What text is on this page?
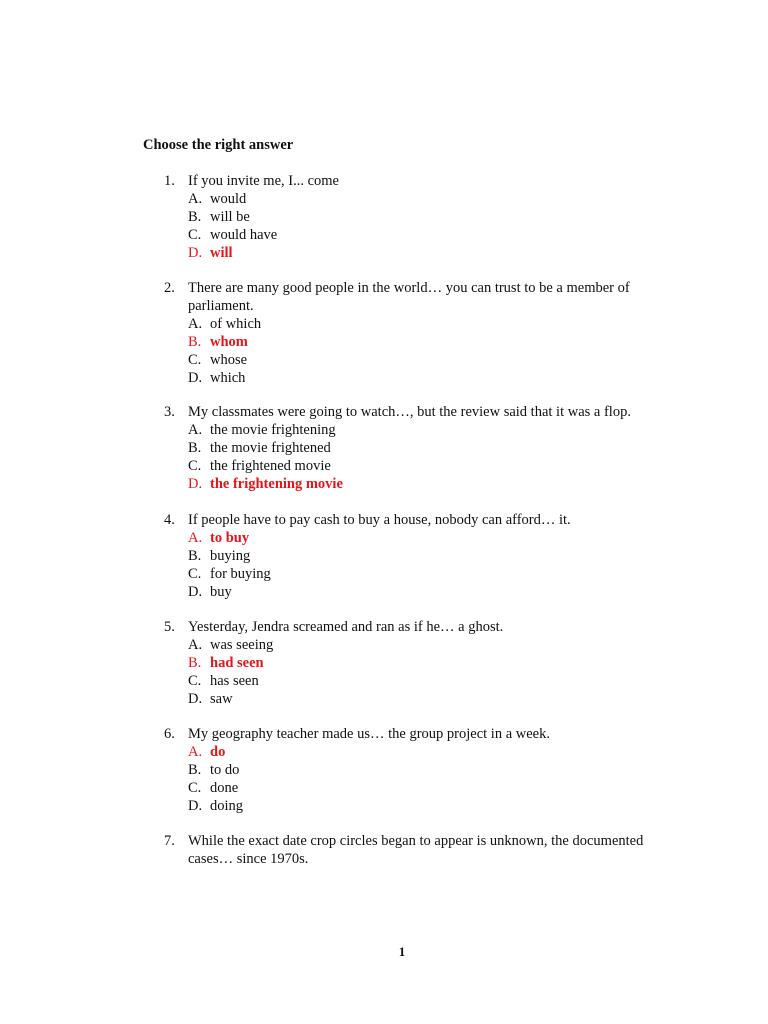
Choose the right answer
1. If you invite me, I... come
A. would
B. will be
C. would have
D. will
2. There are many good people in the world… you can trust to be a member of
parliament.
A. of which
B. whom
C. whose
D. which
3. My classmates were going to watch…, but the review said that it was a flop.
A. the movie frightening
B. the movie frightened
C. the frightened movie
D. the frightening movie
4. If people have to pay cash to buy a house, nobody can afford… it.
A. to buy
B. buying
C. for buying
D. buy
5. Yesterday, Jendra screamed and ran as if he… a ghost.
A. was seeing
B. had seen
C. has seen
D. saw
6. My geography teacher made us… the group project in a week.
A. do
B. to do
C. done
D. doing
7. While the exact date crop circles began to appear is unknown, the documented
cases… since 1970s.
1
